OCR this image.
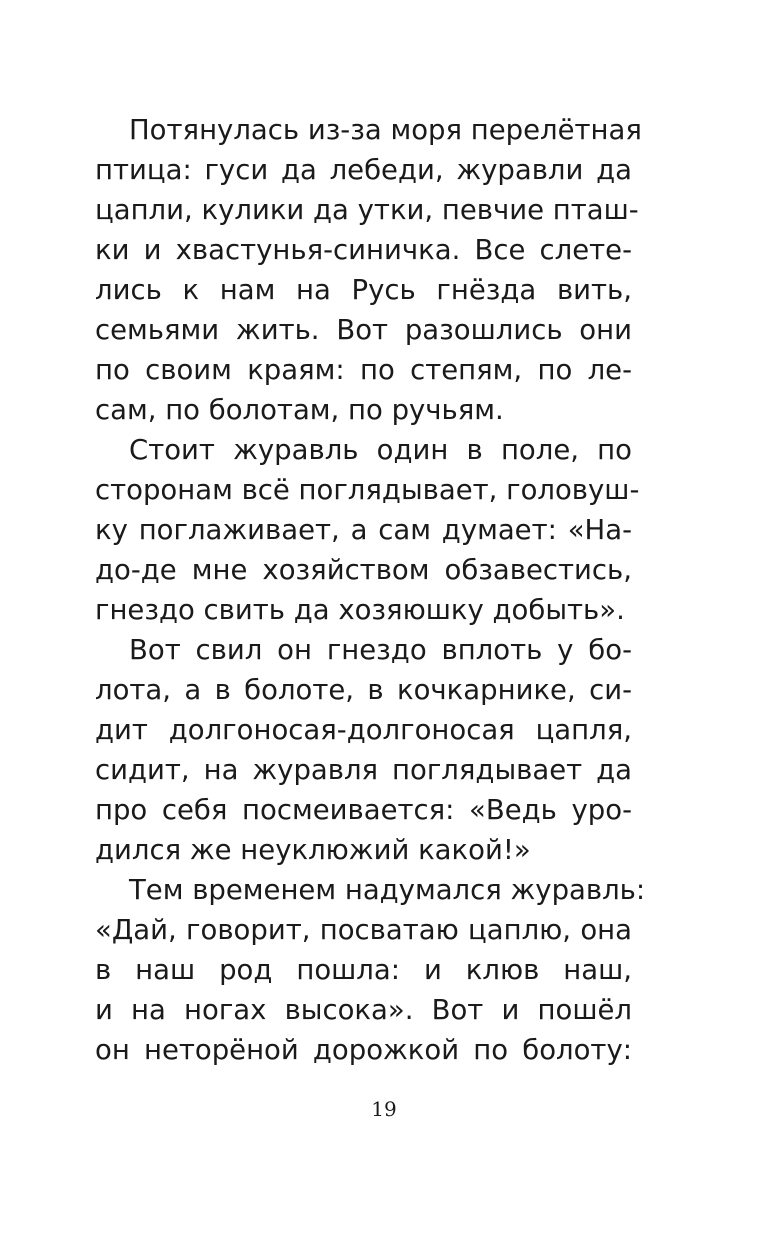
Потянулась из-за моря перелётная
птица: гуси да лебеди, журавли да
цапли, кулики да утки, певчие пташ-
ки и хвастунья-синичка. Все слете-
лись к нам на Русь гнёзда вить,
семьями жить. Вот разошлись они
по своим краям: по степям, по ле-
сам, по болотам, по ручьям.
Стоит журавль один в поле, по
сторонам всё поглядывает, головуш-
ку поглаживает, а сам думает: «На-
до-де мне хозяйством обзавестись,
гнездо свить да хозяюшку добыть».
Вот свил он гнездо вплоть у бо-
лота, а в болоте, в кочкарнике, си-
дит долгоносая-долгоносая цапля,
сидит, на журавля поглядывает да
про себя посмеивается: «Ведь уро-
дился же неуклюжий какой!»
Тем временем надумался журавль:
«Дай, говорит, посватаю цаплю, она
в наш род пошла: и клюв наш,
и на ногах высока». Вот и пошёл
он неторёной дорожкой по болоту:
19
